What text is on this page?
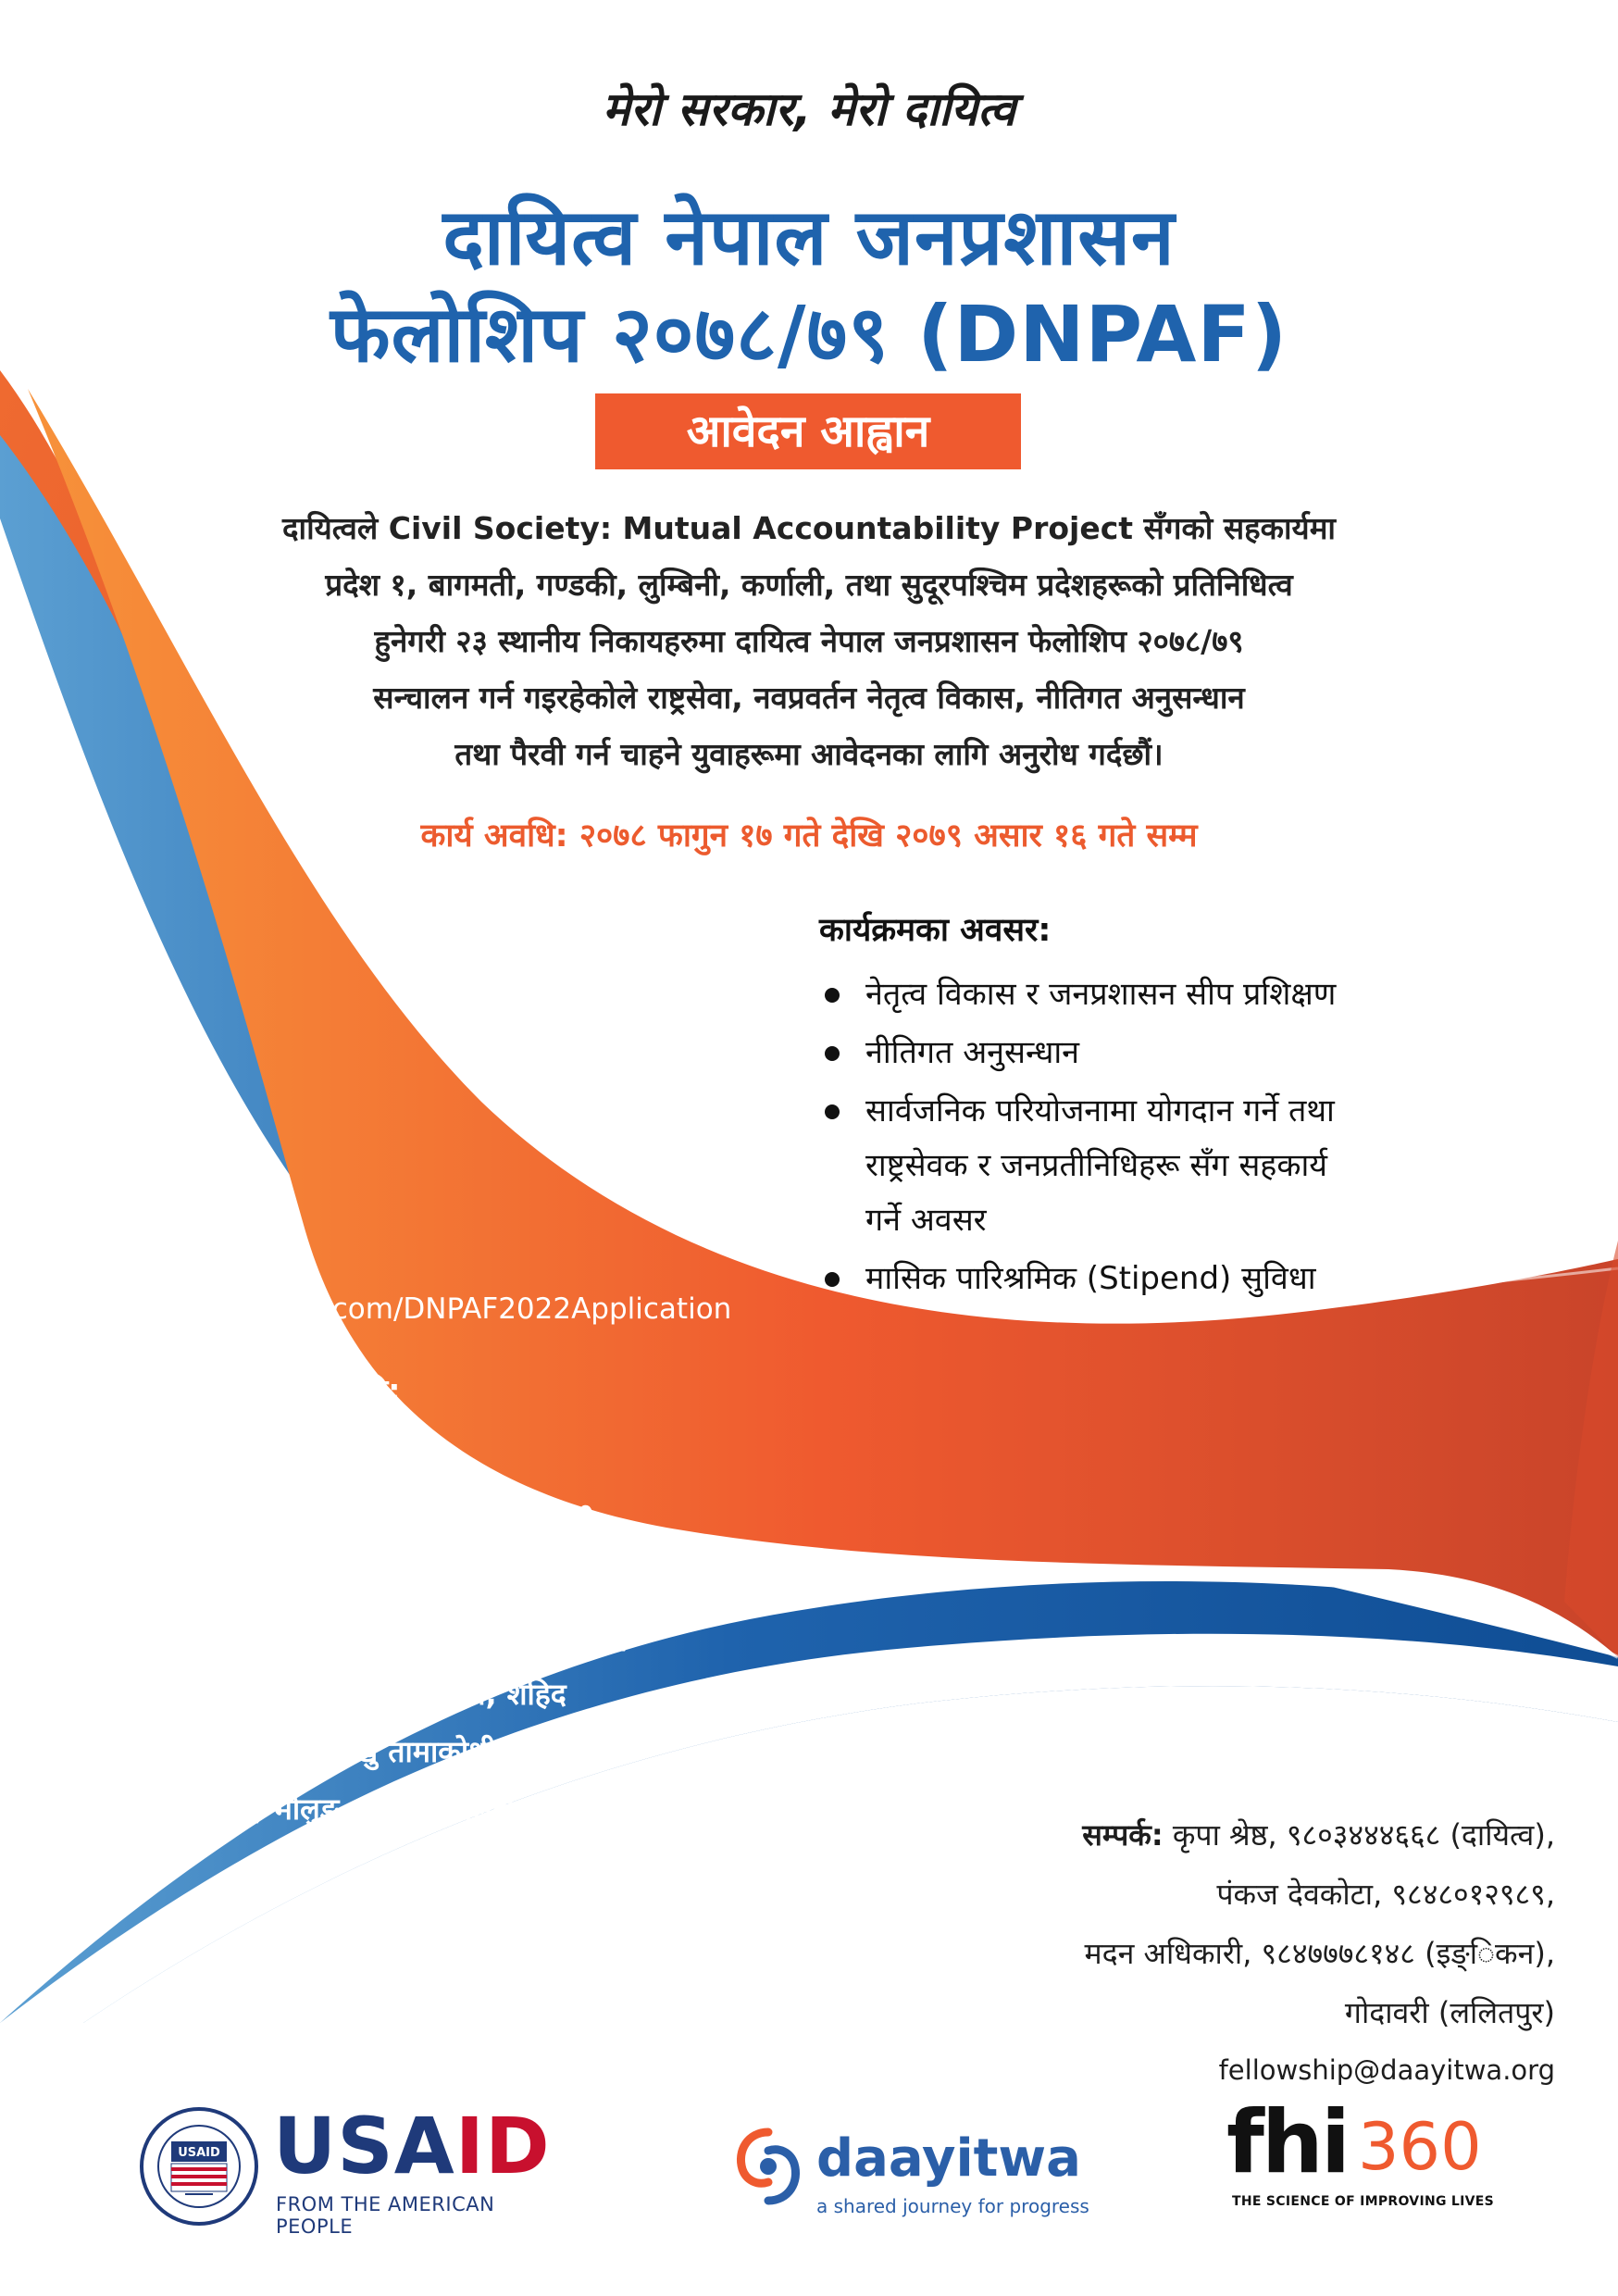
मेरो सरकार, मेरो दायित्व
दायित्व नेपाल जनप्रशासन
फेलोशिप २०७८/७९ (DNPAF)
आवेदन आह्वान
दायित्वले Civil Society: Mutual Accountability Project सँगको सहकार्यमा
प्रदेश १, बागमती, गण्डकी, लुम्बिनी, कर्णाली, तथा सुदूरपश्चिम प्रदेशहरूको प्रतिनिधित्व
हुनेगरी २३ स्थानीय निकायहरुमा दायित्व नेपाल जनप्रशासन फेलोशिप २०७८/७९
सन्चालन गर्न गइरहेकोले राष्ट्रसेवा, नवप्रवर्तन नेतृत्व विकास, नीतिगत अनुसन्धान
तथा पैरवी गर्न चाहने युवाहरूमा आवेदनका लागि अनुरोध गर्दछौं।
कार्य अवधि: २०७८ फागुन १७ गते देखि २०७९ असार १६ गते सम्म
कार्यक्रमका अवसर:
नेतृत्व विकास र जनप्रशासन सीप प्रशिक्षण
नीतिगत अनुसन्धान
सार्वजनिक परियोजनामा योगदान गर्ने तथा
राष्ट्रसेवक र जनप्रतीनिधिहरू सँग सहकार्य
गर्ने अवसर
मासिक पारिश्रमिक (Stipend) सुविधा
फारम:
https://tinyurl.com/DNPAF2022Application
फारम भर्ने अन्तिम मिति:
२०७८ फागुन ९ गते
पालिकाहरू: दशरथचन्द, लेकबेशी, बन्नीगढी
जयगढ, के.आई.सिंह, कृष्णपुर, गुल्मी दरबार,
नारायण, त्रिवेणी, कपुरकोट, डुडुवा, सन्धिखर्क,
विजयनगर, लिखु, रोशी, बाह्रबिसे, शहिद
लखन, सिद्धलेक, लिखु तामाकोशी, गोदावरी,
सुर्यविनायक, मोलुङ, मनहरी, शैलुङ
सम्पर्क: कृपा श्रेष्ठ, ९८०३४४४६६८ (दायित्व),
पंकज देवकोटा, ९८४८०१२९८९,
मदन अधिकारी, ९८४७७७८१४८ (इङ्िकन),
गोदावरी (ललितपुर)
fellowship@daayitwa.org
USAID USAID
FROM THE AMERICAN PEOPLE
daayitwa
a shared journey for progress
fhi 360
THE SCIENCE OF IMPROVING LIVES
